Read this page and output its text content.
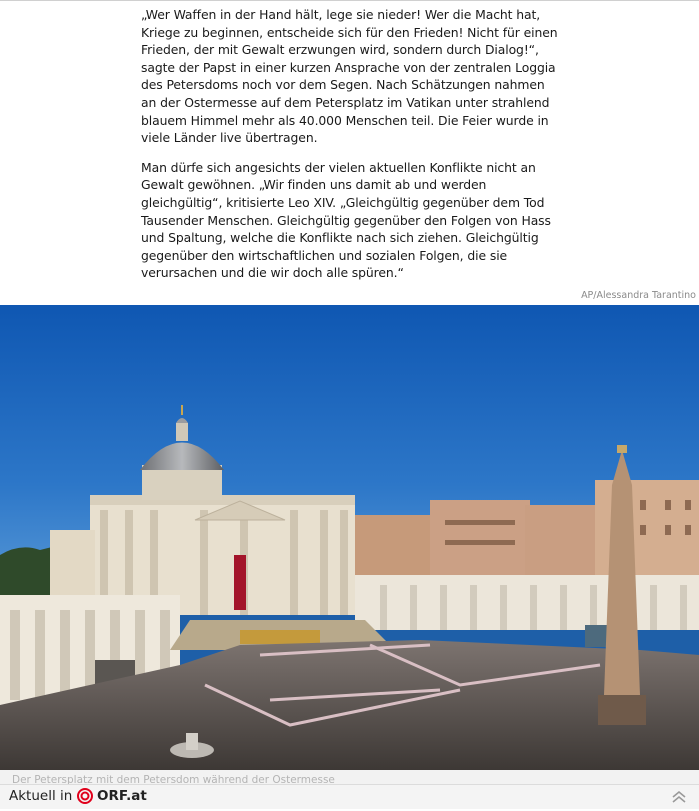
„Wer Waffen in der Hand hält, lege sie nieder! Wer die Macht hat, Kriege zu beginnen, entscheide sich für den Frieden! Nicht für einen Frieden, der mit Gewalt erzwungen wird, sondern durch Dialog!“, sagte der Papst in einer kurzen Ansprache von der zentralen Loggia des Petersdoms noch vor dem Segen. Nach Schätzungen nahmen an der Ostermesse auf dem Petersplatz im Vatikan unter strahlend blauem Himmel mehr als 40.000 Menschen teil. Die Feier wurde in viele Länder live übertragen.

Man dürfe sich angesichts der vielen aktuellen Konflikte nicht an Gewalt gewöhnen. „Wir finden uns damit ab und werden gleichgültig“, kritisierte Leo XIV. „Gleichgültig gegenüber dem Tod Tausender Menschen. Gleichgültig gegenüber den Folgen von Hass und Spaltung, welche die Konflikte nach sich ziehen. Gleichgültig gegenüber den wirtschaftlichen und sozialen Folgen, die sie verursachen und die wir doch alle spüren.“

AP/Alessandra Tarantino
Der Petersplatz mit dem Petersdom während der Ostermesse
Aktuell in ORF.at
